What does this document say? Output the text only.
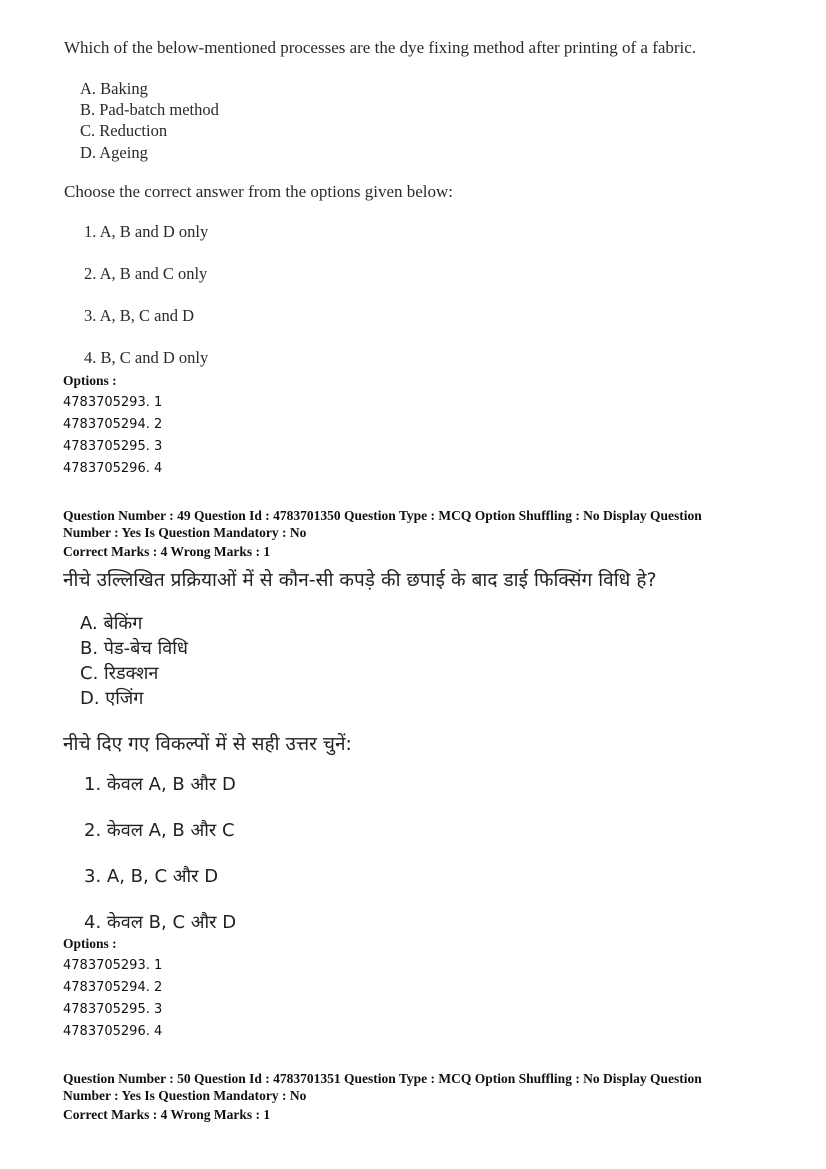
Which of the below-mentioned processes are the dye fixing method after printing of a fabric.
A. Baking
B. Pad-batch method
C. Reduction
D. Ageing
Choose the correct answer from the options given below:
1. A, B and D only
2. A, B and C only
3. A, B, C and D
4. B, C and D only
Options :
4783705293. 1
4783705294. 2
4783705295. 3
4783705296. 4
Question Number : 49 Question Id : 4783701350 Question Type : MCQ Option Shuffling : No Display Question
Number : Yes Is Question Mandatory : No
Correct Marks : 4 Wrong Marks : 1
नीचे उल्लिखित प्रक्रियाओं में से कौन-सी कपड़े की छपाई के बाद डाई फिक्सिंग विधि हे?
A. बेकिंग
B. पेड-बेच विधि
C. रिडक्शन
D. एजिंग
नीचे दिए गए विकल्पों में से सही उत्तर चुनें:
1. केवल A, B और D
2. केवल A, B और C
3. A, B, C और D
4. केवल B, C और D
Options :
4783705293. 1
4783705294. 2
4783705295. 3
4783705296. 4
Question Number : 50 Question Id : 4783701351 Question Type : MCQ Option Shuffling : No Display Question
Number : Yes Is Question Mandatory : No
Correct Marks : 4 Wrong Marks : 1
